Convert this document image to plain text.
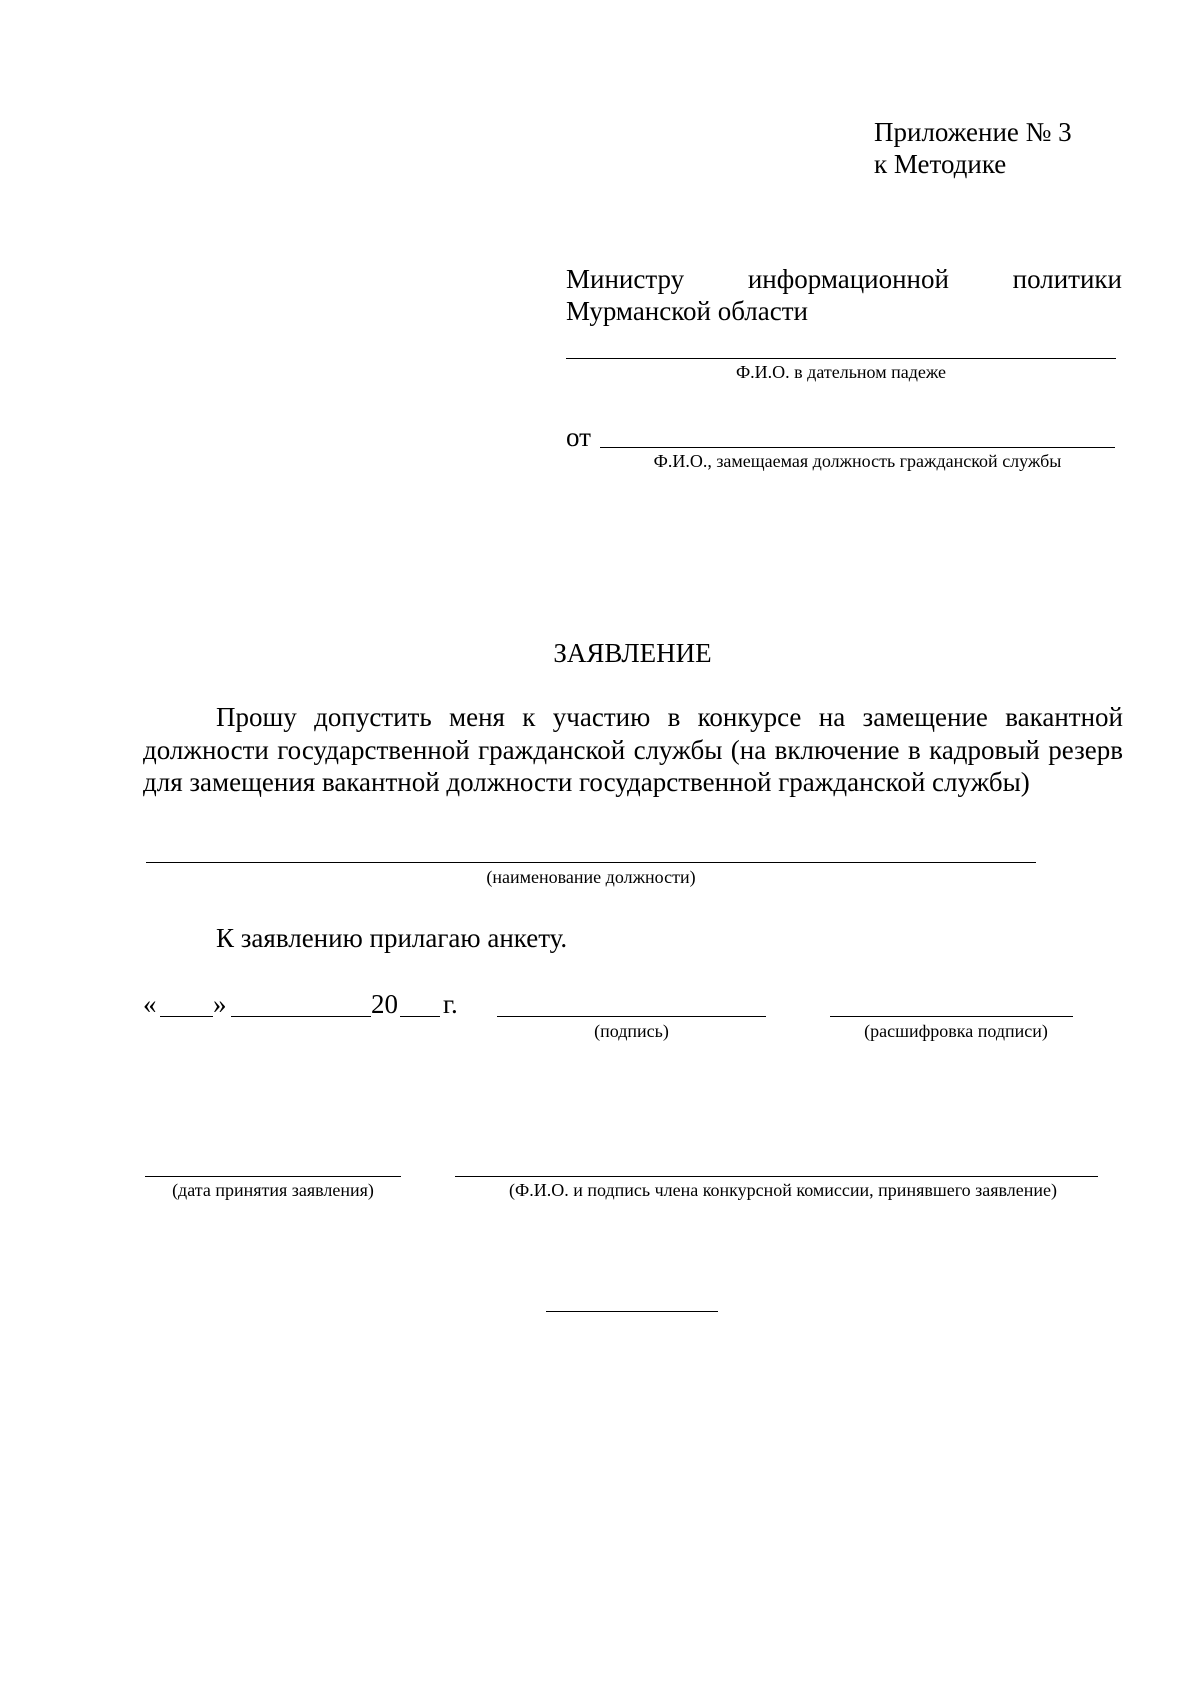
Приложение № 3
к Методике
Министру информационной политики
Мурманской области
Ф.И.О. в дательном падеже
от
Ф.И.О., замещаемая должность гражданской службы
ЗАЯВЛЕНИЕ
Прошу допустить меня к участию в конкурсе на замещение вакантной должности государственной гражданской службы (на включение в кадровый резерв для замещения вакантной должности государственной гражданской службы)
(наименование должности)
К заявлению прилагаю анкету.
« »	20 г.
(подпись)	(расшифровка подписи)
(дата принятия заявления)	(Ф.И.О. и подпись члена конкурсной комиссии, принявшего заявление)
